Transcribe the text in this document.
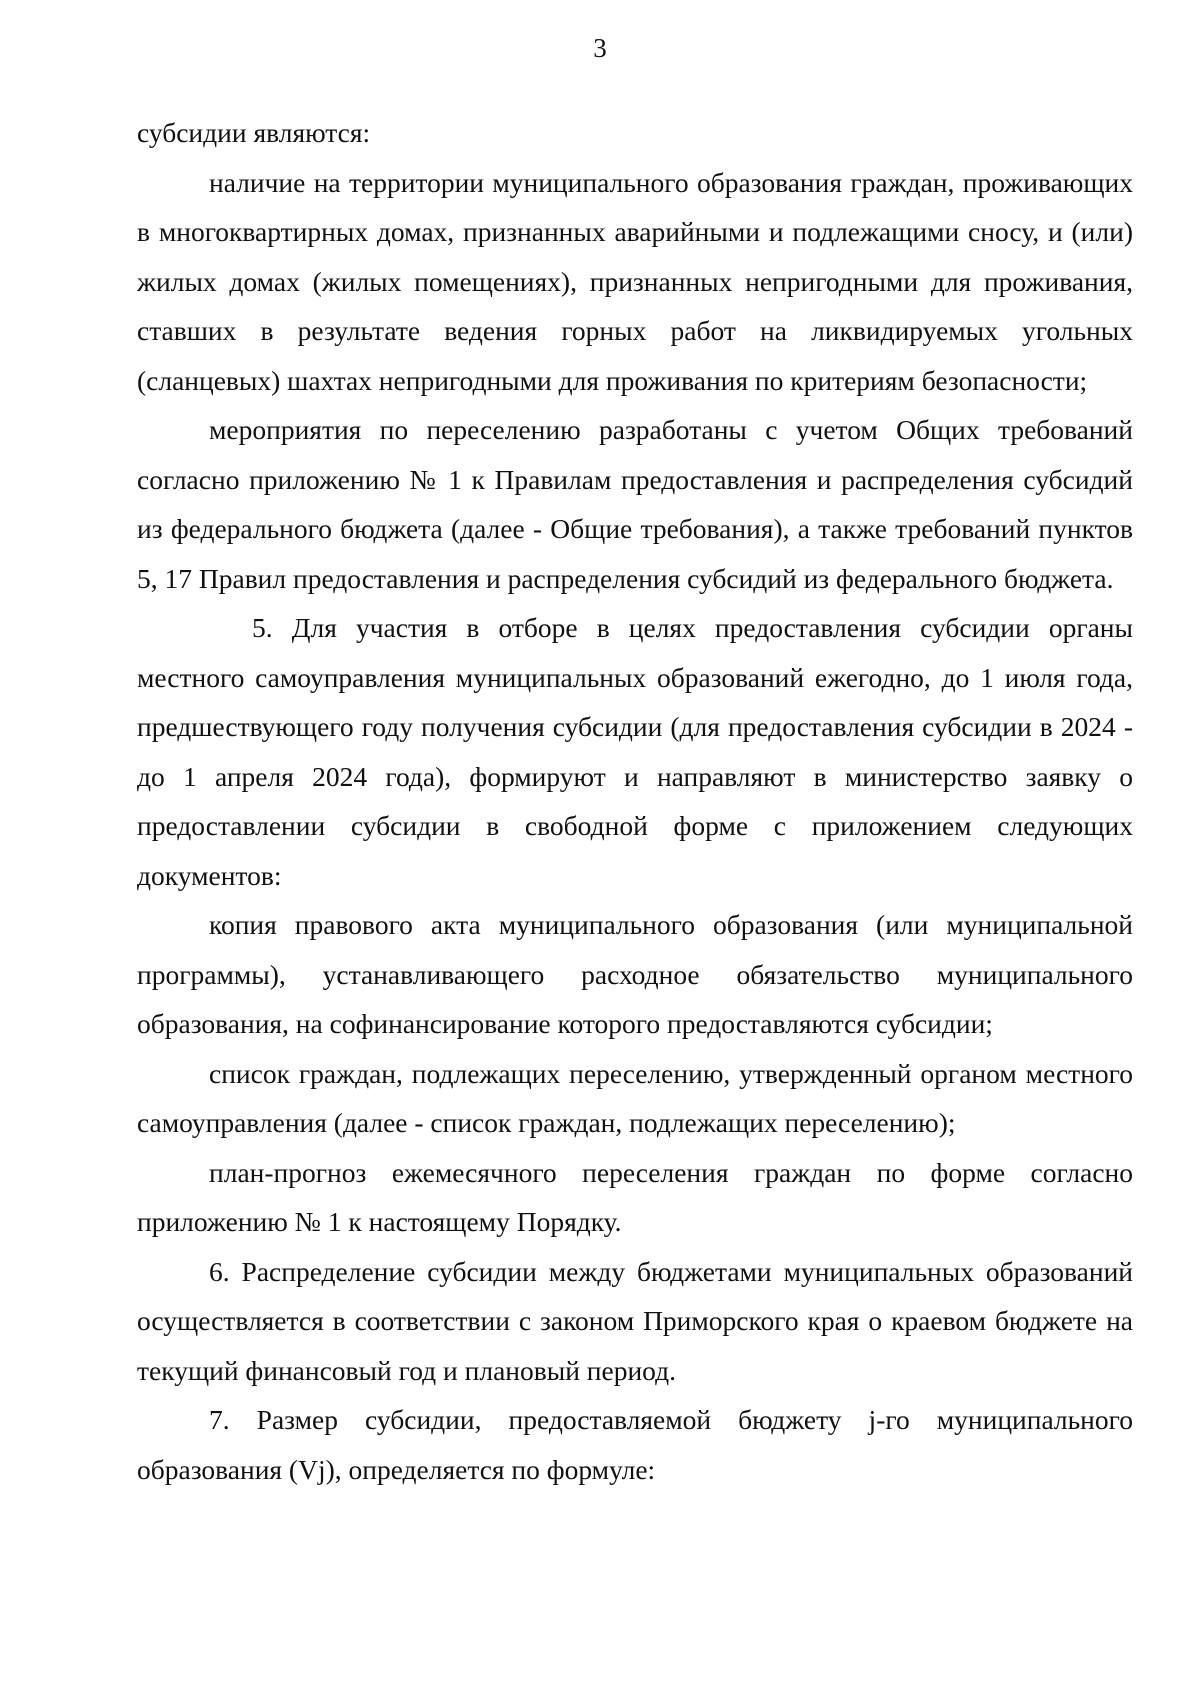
3

субсидии являются:

наличие на территории муниципального образования граждан, проживающих в многоквартирных домах, признанных аварийными и подлежащими сносу, и (или) жилых домах (жилых помещениях), признанных непригодными для проживания, ставших в результате ведения горных работ на ликвидируемых угольных (сланцевых) шахтах непригодными для проживания по критериям безопасности;

мероприятия по переселению разработаны с учетом Общих требований согласно приложению № 1 к Правилам предоставления и распределения субсидий из федерального бюджета (далее - Общие требования), а также требований пунктов 5, 17 Правил предоставления и распределения субсидий из федерального бюджета.

5. Для участия в отборе в целях предоставления субсидии органы местного самоуправления муниципальных образований ежегодно, до 1 июля года, предшествующего году получения субсидии (для предоставления субсидии в 2024 - до 1 апреля 2024 года), формируют и направляют в министерство заявку о предоставлении субсидии в свободной форме с приложением следующих документов:

копия правового акта муниципального образования (или муниципальной программы), устанавливающего расходное обязательство муниципального образования, на софинансирование которого предоставляются субсидии;

список граждан, подлежащих переселению, утвержденный органом местного самоуправления (далее - список граждан, подлежащих переселению);

план-прогноз ежемесячного переселения граждан по форме согласно приложению № 1 к настоящему Порядку.

6. Распределение субсидии между бюджетами муниципальных образований осуществляется в соответствии с законом Приморского края о краевом бюджете на текущий финансовый год и плановый период.

7. Размер субсидии, предоставляемой бюджету j-го муниципального образования (Vj), определяется по формуле:
